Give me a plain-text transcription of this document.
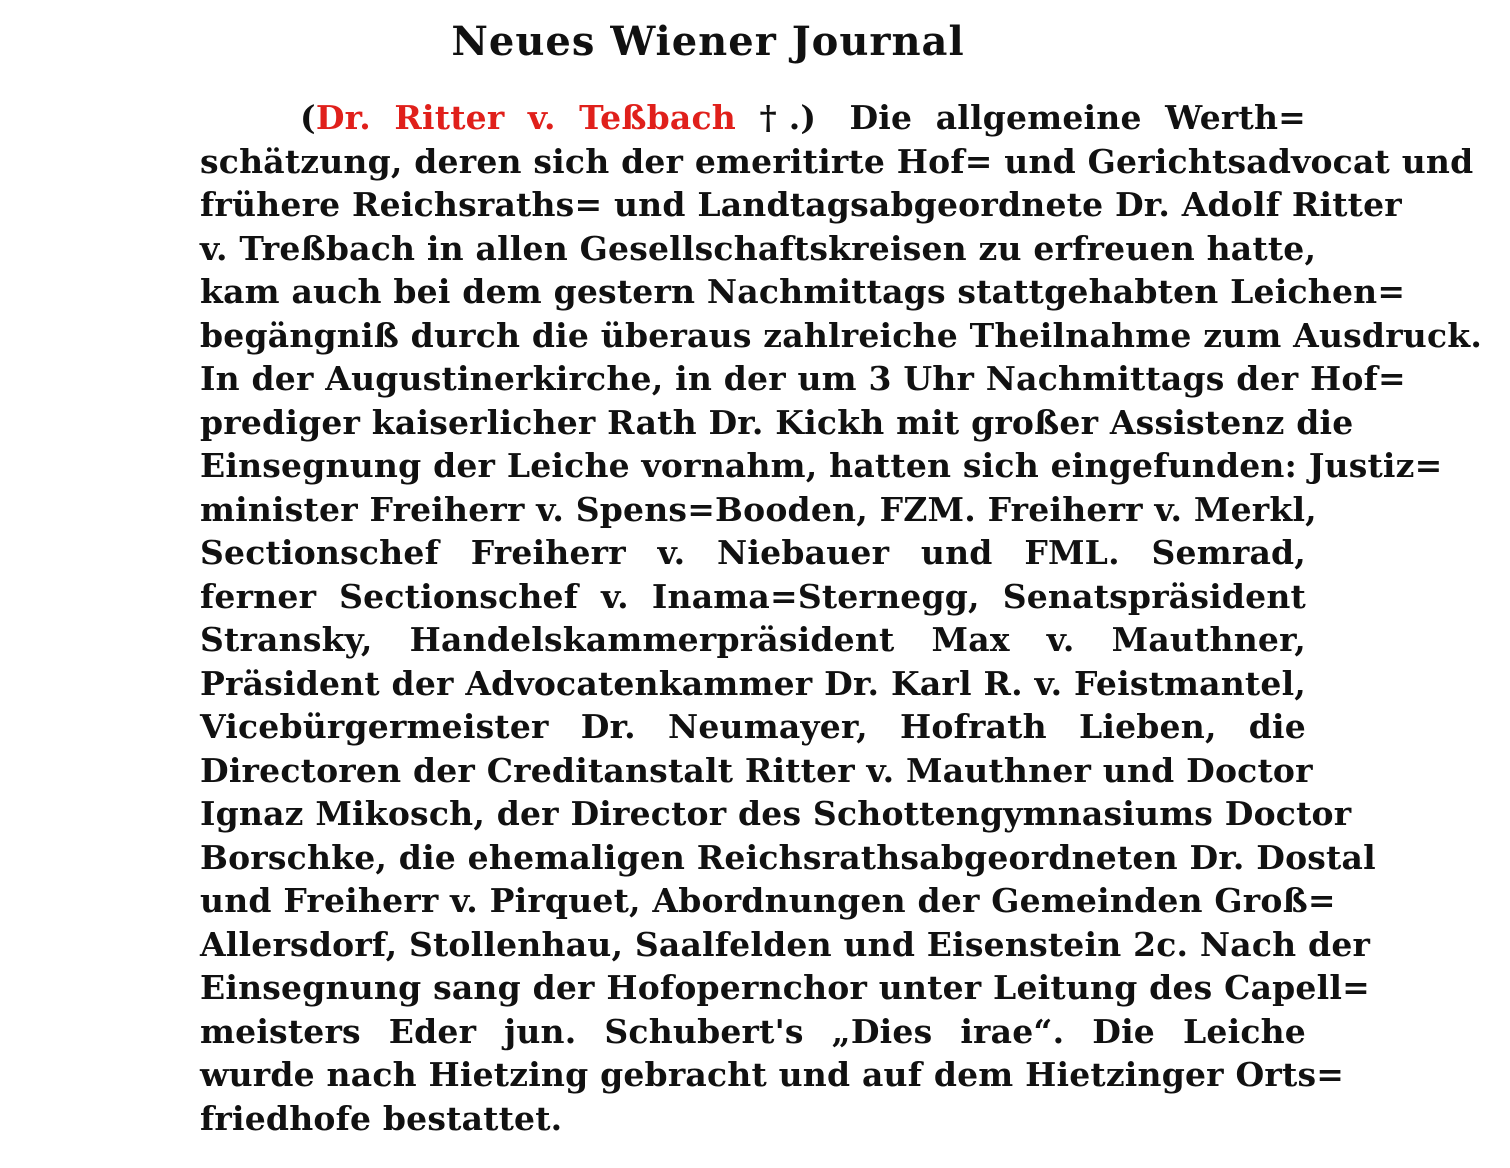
Neues Wiener Journal
(Dr. Ritter v. Teßbach †.)  Die allgemeine Werth=
schätzung, deren sich der emeritirte Hof= und Gerichtsadvocat und
frühere Reichsraths= und Landtagsabgeordnete Dr. Adolf Ritter
v. Treßbach in allen Gesellschaftskreisen zu erfreuen hatte,
kam auch bei dem gestern Nachmittags stattgehabten Leichen=
begängniß durch die überaus zahlreiche Theilnahme zum Ausdruck.
In der Augustinerkirche, in der um 3 Uhr Nachmittags der Hof=
prediger kaiserlicher Rath Dr. Kickh mit großer Assistenz die
Einsegnung der Leiche vornahm, hatten sich eingefunden: Justiz=
minister Freiherr v. Spens=Booden, FZM. Freiherr v. Merkl,
Sectionschef Freiherr v. Niebauer und FML. Semrad,
ferner Sectionschef v. Inama=Sternegg, Senatspräsident
Stransky, Handelskammerpräsident Max v. Mauthner,
Präsident der Advocatenkammer Dr. Karl R. v. Feistmantel,
Vicebürgermeister Dr. Neumayer, Hofrath Lieben, die
Directoren der Creditanstalt Ritter v. Mauthner und Doctor
Ignaz Mikosch, der Director des Schottengymnasiums Doctor
Borschke, die ehemaligen Reichsrathsabgeordneten Dr. Dostal
und Freiherr v. Pirquet, Abordnungen der Gemeinden Groß=
Allersdorf, Stollenhau, Saalfelden und Eisenstein 2c. Nach der
Einsegnung sang der Hofopernchor unter Leitung des Capell=
meisters Eder jun. Schubert's „Dies irae“. Die Leiche
wurde nach Hietzing gebracht und auf dem Hietzinger Orts=
friedhofe bestattet.
